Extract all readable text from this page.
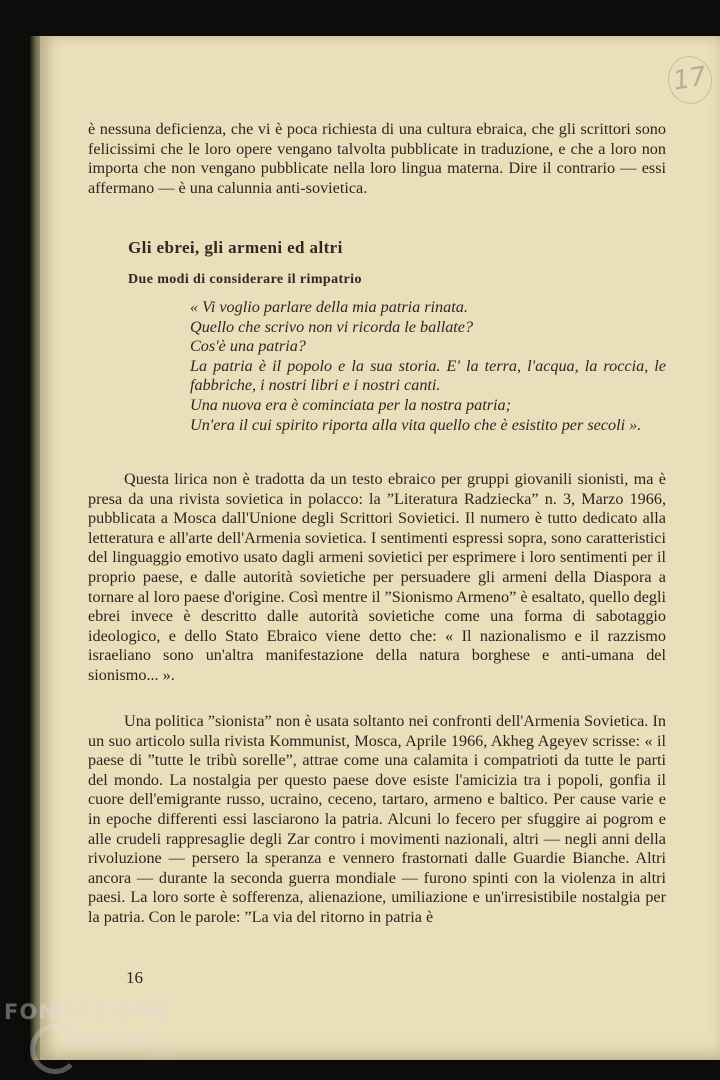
17

è nessuna deficienza, che vi è poca richiesta di una cultura ebraica, che gli scrittori sono felicissimi che le loro opere vengano talvolta pubblicate in traduzione, e che a loro non importa che non vengano pubblicate nella loro lingua materna. Dire il contrario — essi affermano — è una calunnia anti-sovietica.

Gli ebrei, gli armeni ed altri
Due modi di considerare il rimpatrio
« Vi voglio parlare della mia patria rinata.
Quello che scrivo non vi ricorda le ballate?
Cos'è una patria?
La patria è il popolo e la sua storia. E' la terra, l'acqua, la roccia, le fabbriche, i nostri libri e i nostri canti.
Una nuova era è cominciata per la nostra patria;
Un'era il cui spirito riporta alla vita quello che è esistito per secoli ».

Questa lirica non è tradotta da un testo ebraico per gruppi giovanili sionisti, ma è presa da una rivista sovietica in polacco: la ”Literatura Radziecka” n. 3, Marzo 1966, pubblicata a Mosca dall'Unione degli Scrittori Sovietici. Il numero è tutto dedicato alla letteratura e all'arte dell'Armenia sovietica. I sentimenti espressi sopra, sono caratteristici del linguaggio emotivo usato dagli armeni sovietici per esprimere i loro sentimenti per il proprio paese, e dalle autorità sovietiche per persuadere gli armeni della Diaspora a tornare al loro paese d'origine. Così mentre il ”Sionismo Armeno” è esaltato, quello degli ebrei invece è descritto dalle autorità sovietiche come una forma di sabotaggio ideologico, e dello Stato Ebraico viene detto che: « Il nazionalismo e il razzismo israeliano sono un'altra manifestazione della natura borghese e anti-umana del sionismo... ».

Una politica ”sionista” non è usata soltanto nei confronti dell'Armenia Sovietica. In un suo articolo sulla rivista Kommunist, Mosca, Aprile 1966, Akheg Ageyev scrisse: « il paese di ”tutte le tribù sorelle”, attrae come una calamita i compatrioti da tutte le parti del mondo. La nostalgia per questo paese dove esiste l'amicizia tra i popoli, gonfia il cuore dell'emigrante russo, ucraino, ceceno, tartaro, armeno e baltico. Per cause varie e in epoche differenti essi lasciarono la patria. Alcuni lo fecero per sfuggire ai pogrom e alle crudeli rappresaglie degli Zar contro i movimenti nazionali, altri — negli anni della rivoluzione — persero la speranza e vennero frastornati dalle Guardie Bianche. Altri ancora — durante la seconda guerra mondiale — furono spinti con la violenza in altri paesi. La loro sorte è sofferenza, alienazione, umiliazione e un'irresistibile nostalgia per la patria. Con le parole: ”La via del ritorno in patria è

16
FONDAZIONE
RAMSCI
onlus
